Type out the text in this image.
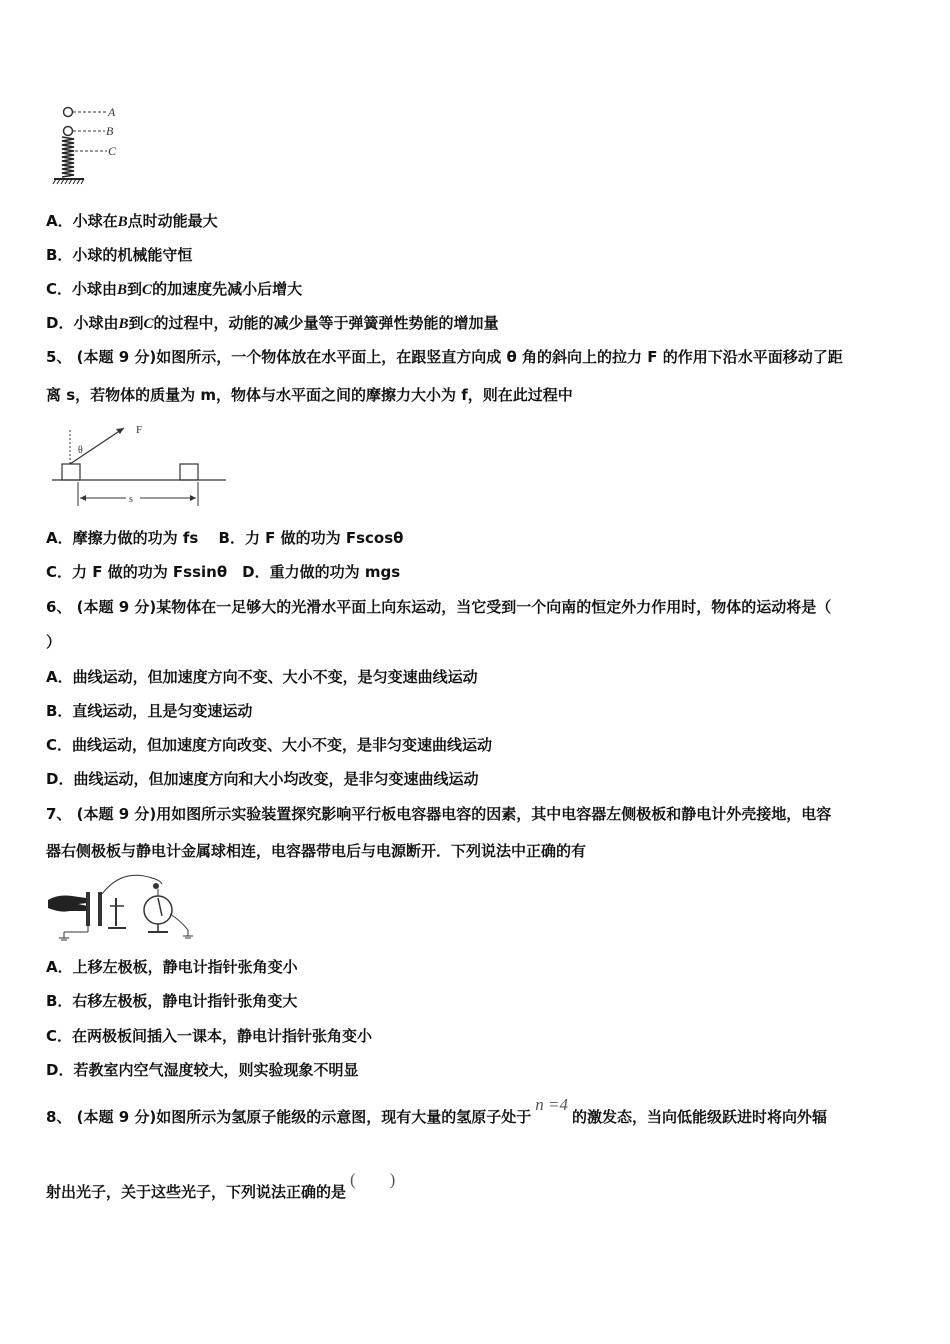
A
B
C
A．小球在B点时动能最大
B．小球的机械能守恒
C．小球由B到C的加速度先减小后增大
D．小球由B到C的过程中，动能的减少量等于弹簧弹性势能的增加量
5、 (本题 9 分)如图所示，一个物体放在水平面上，在跟竖直方向成 θ 角的斜向上的拉力 F 的作用下沿水平面移动了距
离 s，若物体的质量为 m，物体与水平面之间的摩擦力大小为 f，则在此过程中
F
θ
s
A．摩擦力做的功为 fs　 B．力 F 做的功为 Fscosθ
C．力 F 做的功为 Fssinθ　D．重力做的功为 mgs
6、 (本题 9 分)某物体在一足够大的光滑水平面上向东运动，当它受到一个向南的恒定外力作用时，物体的运动将是（
）
A．曲线运动，但加速度方向不变、大小不变，是匀变速曲线运动
B．直线运动，且是匀变速运动
C．曲线运动，但加速度方向改变、大小不变，是非匀变速曲线运动
D．曲线运动，但加速度方向和大小均改变，是非匀变速曲线运动
7、 (本题 9 分)用如图所示实验装置探究影响平行板电容器电容的因素，其中电容器左侧极板和静电计外壳接地，电容
器右侧极板与静电计金属球相连，电容器带电后与电源断开．下列说法中正确的有
A．上移左极板，静电计指针张角变小
B．右移左极板，静电计指针张角变大
C．在两极板间插入一课本，静电计指针张角变小
D．若教室内空气湿度较大，则实验现象不明显
8、 (本题 9 分)如图所示为氢原子能级的示意图，现有大量的氢原子处于n =4的激发态，当向低能级跃进时将向外辐
射出光子，关于这些光子，下列说法正确的是(　　)
